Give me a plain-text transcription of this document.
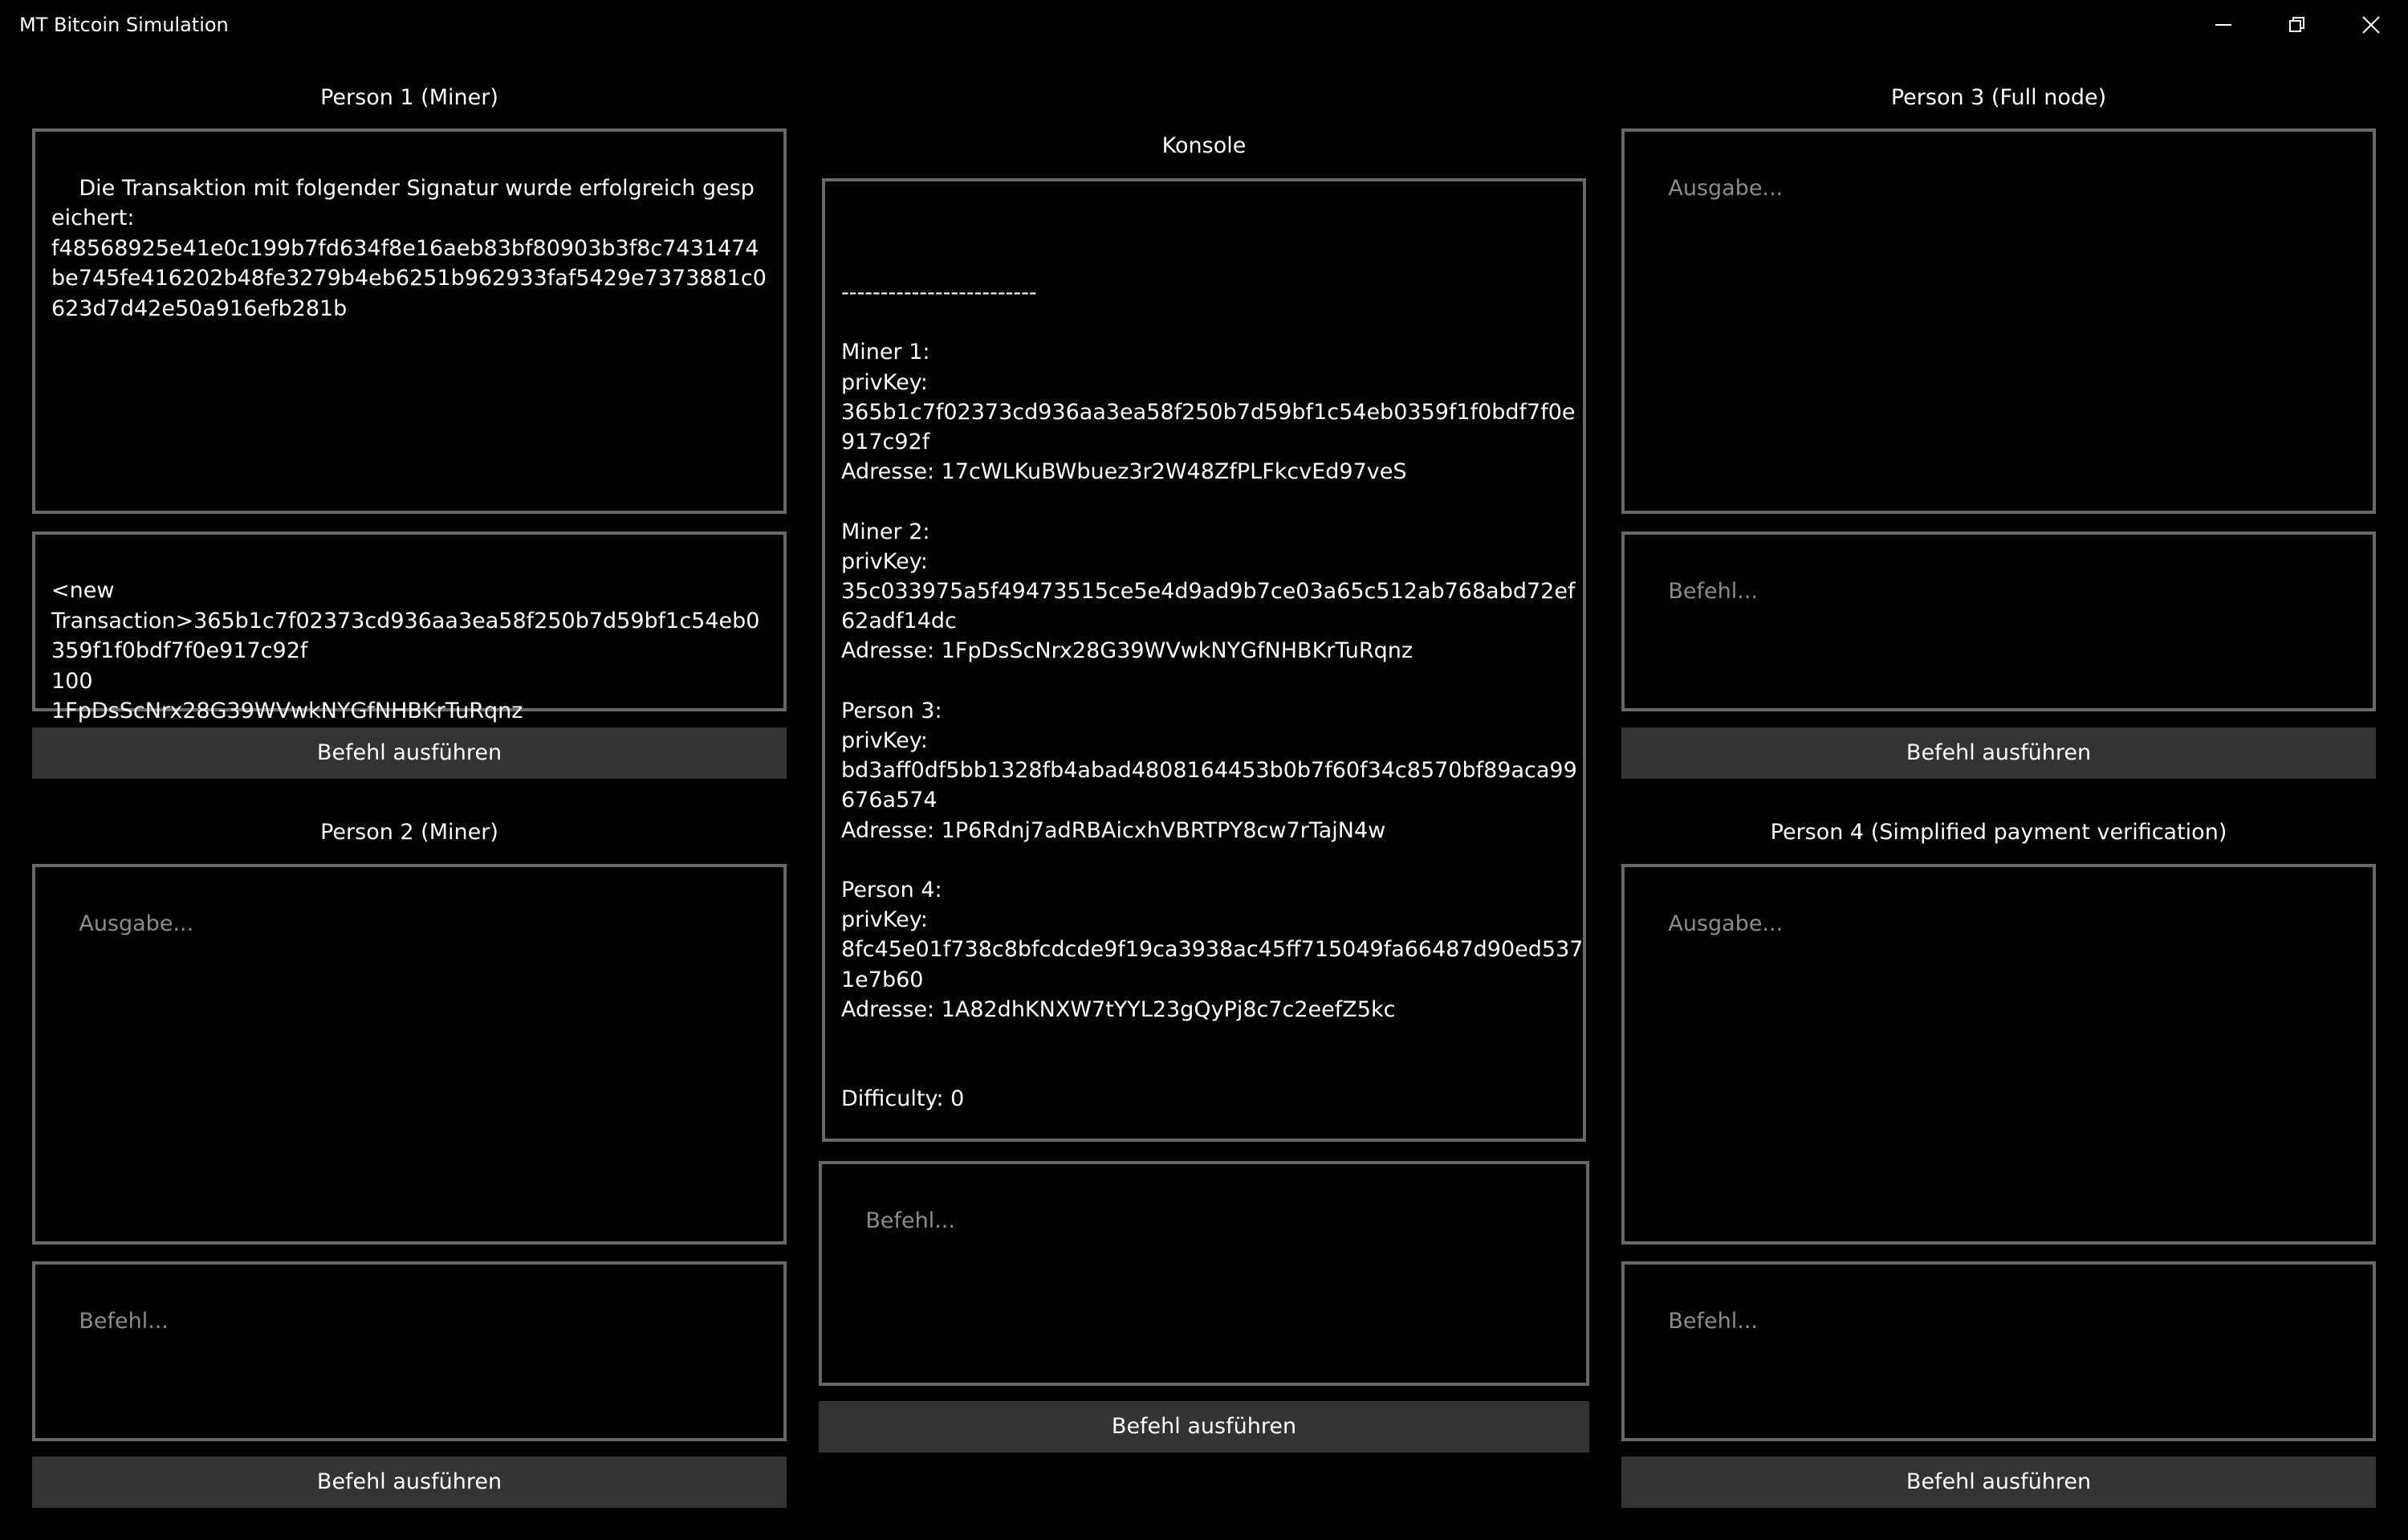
MT Bitcoin Simulation
Person 1 (Miner)

Die Transaktion mit folgender Signatur wurde erfolgreich gespeichert:
f48568925e41e0c199b7fd634f8e16aeb83bf80903b3f8c7431474be745fe416202b48fe3279b4eb6251b962933faf5429e7373881c0623d7d42e50a916efb281b

<new
Transaction>365b1c7f02373cd936aa3ea58f250b7d59bf1c54eb0359f1f0bdf7f0e917c92f
100
1FpDsScNrx28G39WVwkNYGfNHBKrTuRqnz

Befehl ausführen
Person 2 (Miner)

Ausgabe...

Befehl...

Befehl ausführen
Konsole
-------------------------

Miner 1:
privKey:
365b1c7f02373cd936aa3ea58f250b7d59bf1c54eb0359f1f0bdf7f0e917c92f
Adresse: 17cWLKuBWbuez3r2W48ZfPLFkcvEd97veS

Miner 2:
privKey:
35c033975a5f49473515ce5e4d9ad9b7ce03a65c512ab768abd72ef62adf14dc
Adresse: 1FpDsScNrx28G39WVwkNYGfNHBKrTuRqnz

Person 3:
privKey:
bd3aff0df5bb1328fb4abad4808164453b0b7f60f34c8570bf89aca99676a574
Adresse: 1P6Rdnj7adRBAicxhVBRTPY8cw7rTajN4w

Person 4:
privKey:
8fc45e01f738c8bfcdcde9f19ca3938ac45ff715049fa66487d90ed5371e7b60
Adresse: 1A82dhKNXW7tYYL23gQyPj8c7c2eefZ5kc

Difficulty: 0

Befehl...

Befehl ausführen
Person 3 (Full node)

Ausgabe...

Befehl...

Befehl ausführen
Person 4 (Simplified payment verification)

Ausgabe...

Befehl...

Befehl ausführen
